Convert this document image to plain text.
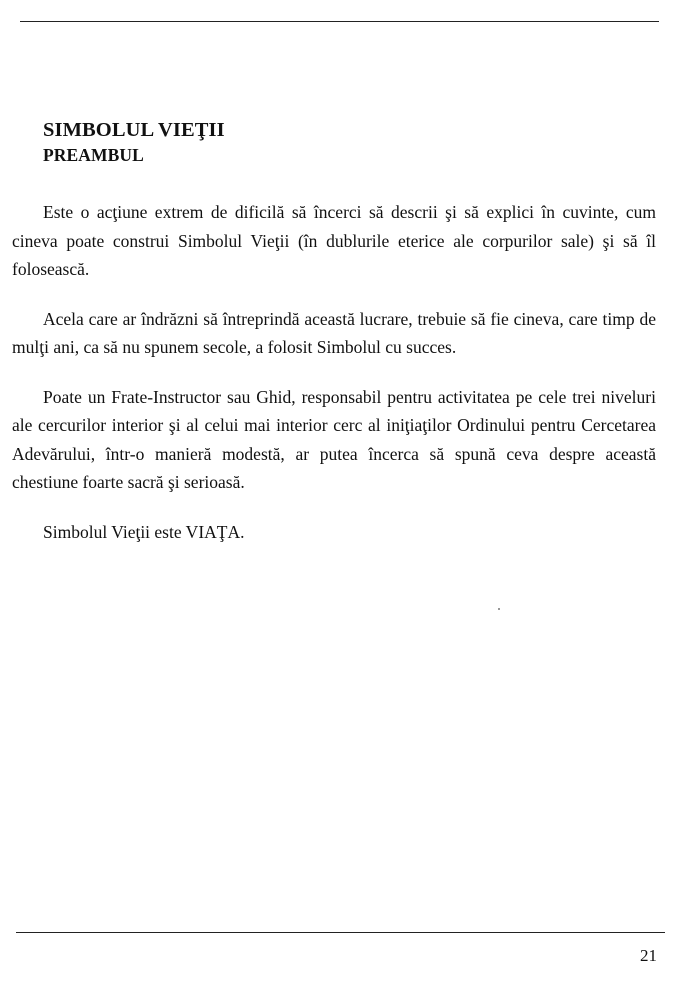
SIMBOLUL VIEŢII
PREAMBUL

Este o acţiune extrem de dificilă să încerci să descrii şi să explici în cuvinte, cum cineva poate construi Simbolul Vieţii (în dublurile eterice ale corpurilor sale) şi să îl folosească.

Acela care ar îndrăzni să întreprindă această lucrare, trebuie să fie cineva, care timp de mulţi ani, ca să nu spunem secole, a folosit Simbolul cu succes.

Poate un Frate-Instructor sau Ghid, responsabil pentru activitatea pe cele trei niveluri ale cercurilor interior şi al celui mai interior cerc al iniţiaţilor Ordinului pentru Cercetarea Adevărului, într-o manieră modestă, ar putea încerca să spună ceva despre această chestiune foarte sacră şi serioasă.

Simbolul Vieţii este VIAŢA.

21
